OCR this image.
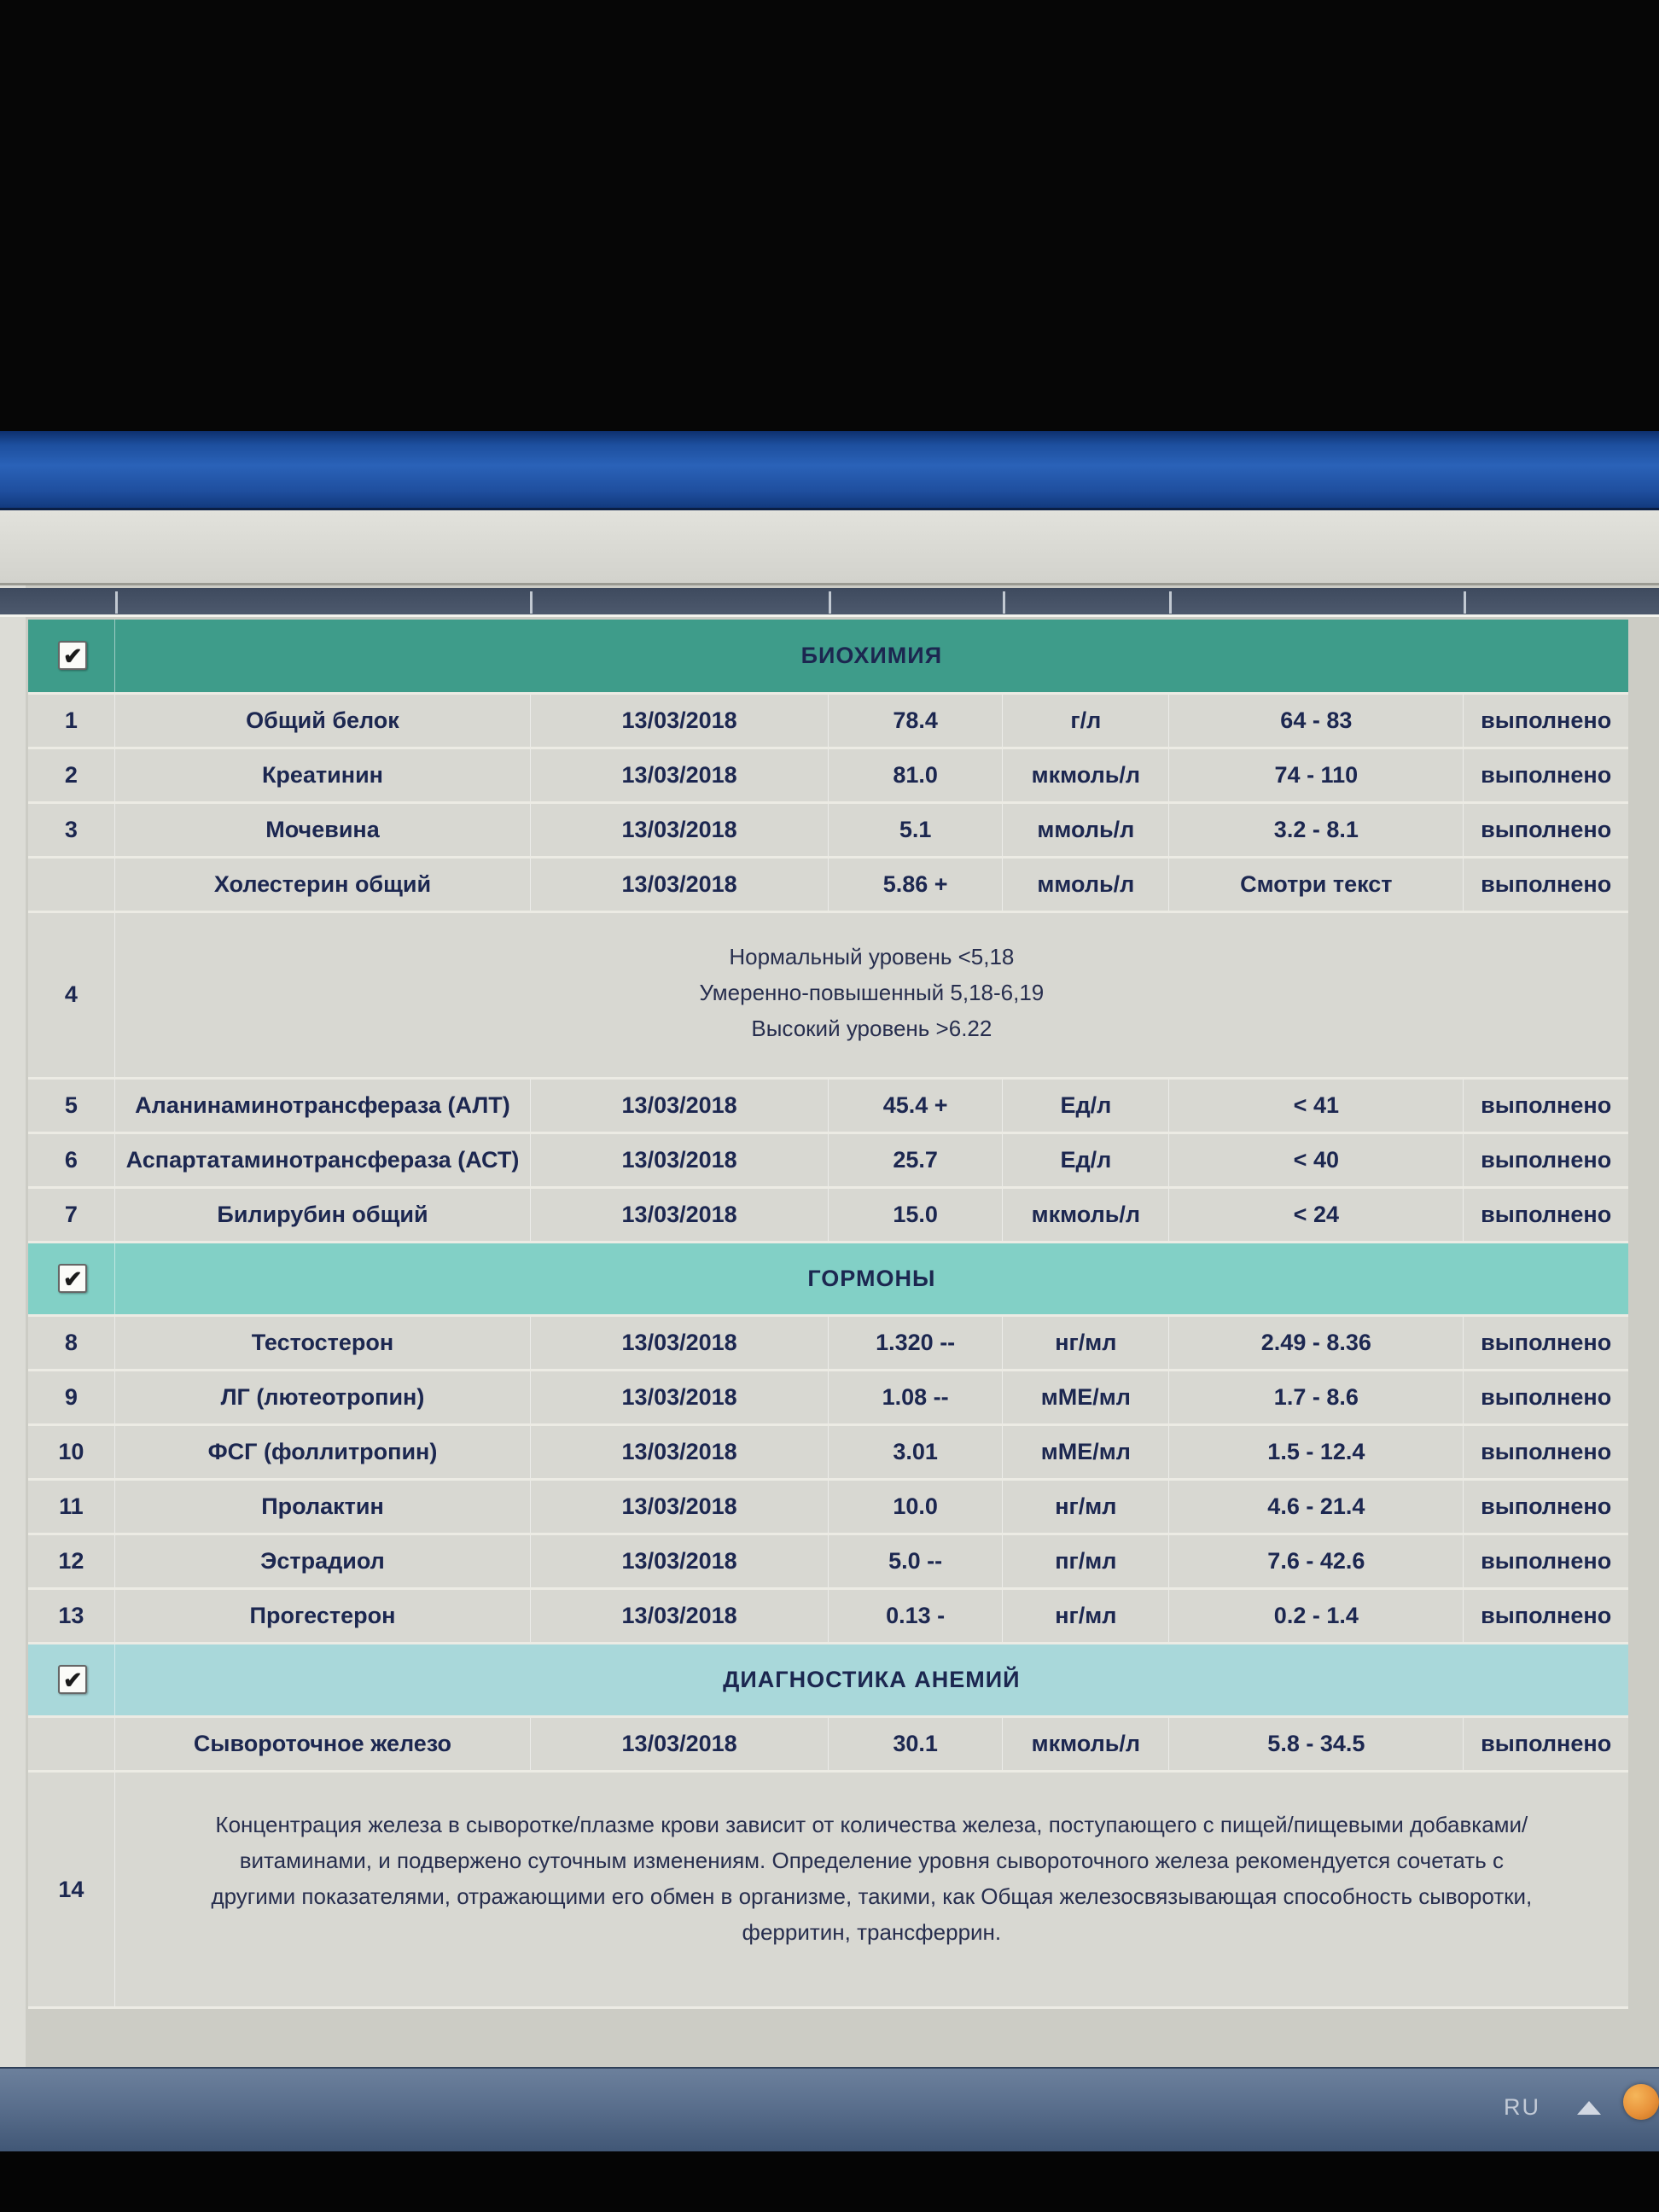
✔	БИОХИМИЯ					
1	Общий белок	13/03/2018	78.4	г/л	64 - 83	выполнено
2	Креатинин	13/03/2018	81.0	мкмоль/л	74 - 110	выполнено
3	Мочевина	13/03/2018	5.1	ммоль/л	3.2 - 8.1	выполнено
	Холестерин общий	13/03/2018	5.86 +	ммоль/л	Смотри текст	выполнено
4	Нормальный уровень <5,18
Умеренно-повышенный 5,18-6,19
Высокий уровень >6.22					

5	Аланинаминотрансфераза (АЛТ)	13/03/2018	45.4 +	Ед/л	< 41	выполнено
6	Аспартатаминотрансфераза (АСТ)	13/03/2018	25.7	Ед/л	< 40	выполнено
7	Билирубин общий	13/03/2018	15.0	мкмоль/л	< 24	выполнено
✔	ГОРМОНЫ					
8	Тестостерон	13/03/2018	1.320 --	нг/мл	2.49 - 8.36	выполнено
9	ЛГ (лютеотропин)	13/03/2018	1.08 --	мМЕ/мл	1.7 - 8.6	выполнено
10	ФСГ (фоллитропин)	13/03/2018	3.01	мМЕ/мл	1.5 - 12.4	выполнено
11	Пролактин	13/03/2018	10.0	нг/мл	4.6 - 21.4	выполнено
12	Эстрадиол	13/03/2018	5.0 --	пг/мл	7.6 - 42.6	выполнено
13	Прогестерон	13/03/2018	0.13 -	нг/мл	0.2 - 1.4	выполнено
✔	ДИАГНОСТИКА АНЕМИЙ					
	Сывороточное железо	13/03/2018	30.1	мкмоль/л	5.8 - 34.5	выполнено
14	Концентрация железа в сыворотке/плазме крови зависит от количества железа, поступающего с пищей/пищевыми добавками/витаминами, и подвержено суточным изменениям. Определение уровня сывороточного железа рекомендуется сочетать с другими показателями, отражающими его обмен в организме, такими, как Общая железосвязывающая способность сыворотки, ферритин, трансферрин.					
RU
